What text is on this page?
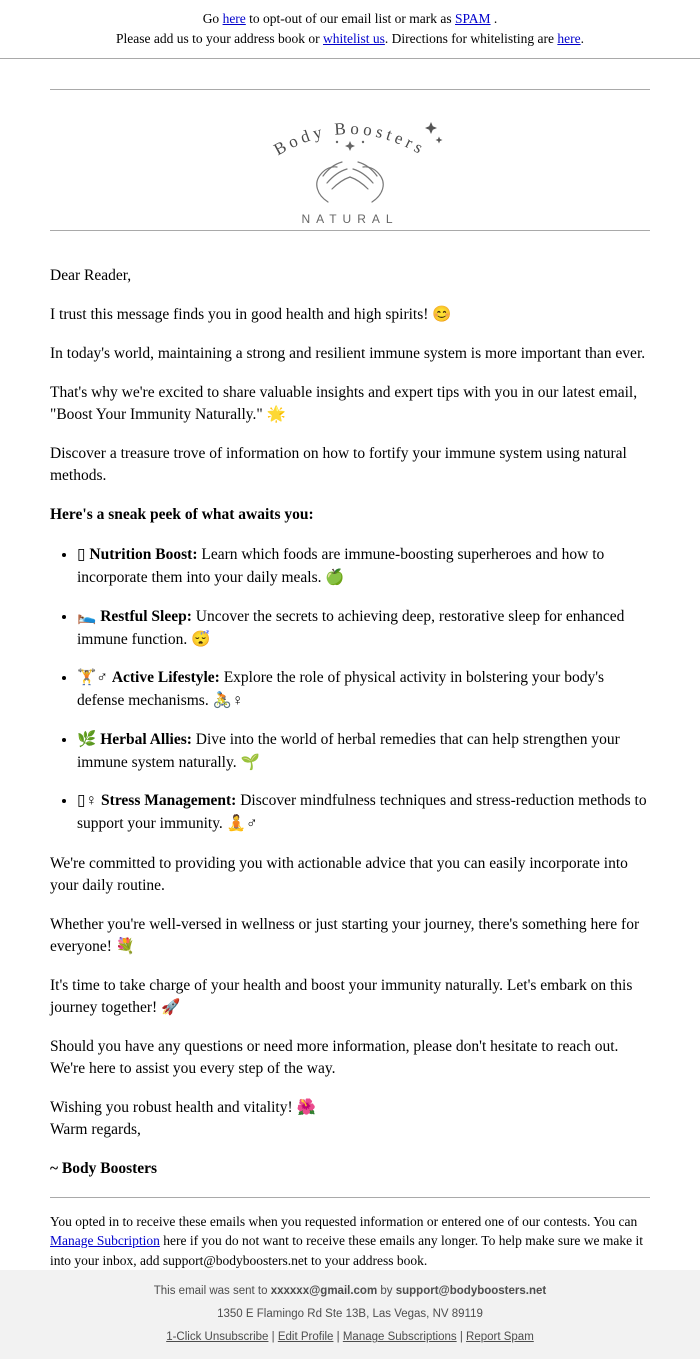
Go here to opt-out of our email list or mark as SPAM .
Please add us to your address book or whitelist us. Directions for whitelisting are here.
Body Boosters
NATURAL

Dear Reader,

I trust this message finds you in good health and high spirits! 😊

In today's world, maintaining a strong and resilient immune system is more important than ever.

That's why we're excited to share valuable insights and expert tips with you in our latest email, "Boost Your Immunity Naturally." 🌟

Discover a treasure trove of information on how to fortify your immune system using natural methods.

Here's a sneak peek of what awaits you:

• ▯ Nutrition Boost: Learn which foods are immune-boosting superheroes and how to incorporate them into your daily meals. 🍏
• 🛌 Restful Sleep: Uncover the secrets to achieving deep, restorative sleep for enhanced immune function. 😴
• 🏋♂ Active Lifestyle: Explore the role of physical activity in bolstering your body's defense mechanisms. 🚴♀
• 🌿 Herbal Allies: Dive into the world of herbal remedies that can help strengthen your immune system naturally. 🌱
• ▯♀ Stress Management: Discover mindfulness techniques and stress-reduction methods to support your immunity. 🧘♂

We're committed to providing you with actionable advice that you can easily incorporate into your daily routine.

Whether you're well-versed in wellness or just starting your journey, there's something here for everyone! 💐

It's time to take charge of your health and boost your immunity naturally. Let's embark on this journey together! 🚀

Should you have any questions or need more information, please don't hesitate to reach out. We're here to assist you every step of the way.

Wishing you robust health and vitality! 🌺
Warm regards,

~ Body Boosters

You opted in to receive these emails when you requested information or entered one of our contests. You can Manage Subcription here if you do not want to receive these emails any longer. To help make sure we make it into your inbox, add support@bodyboosters.net to your address book.

This email was sent to xxxxxx@gmail.com by support@bodyboosters.net

1350 E Flamingo Rd Ste 13B, Las Vegas, NV 89119

1-Click Unsubscribe | Edit Profile | Manage Subscriptions | Report Spam
